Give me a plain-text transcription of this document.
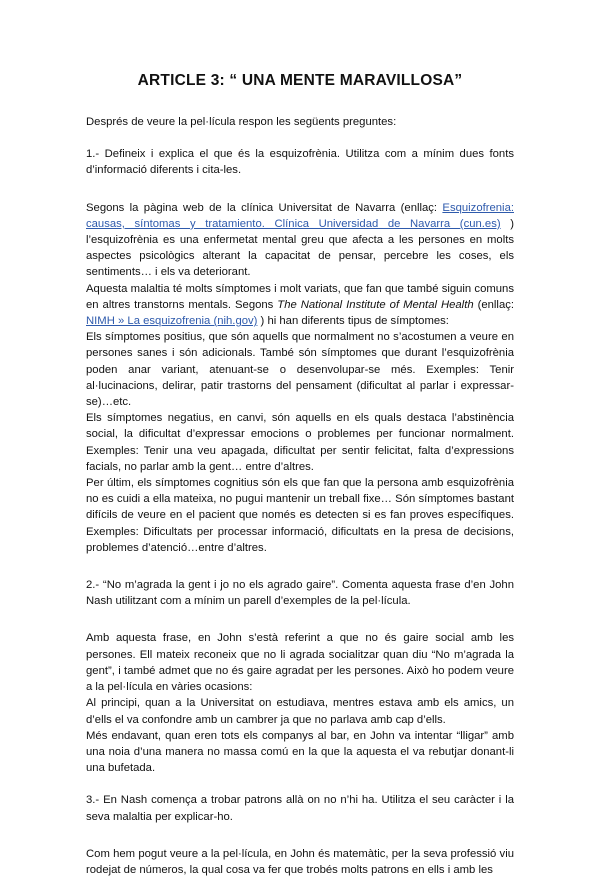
ARTICLE 3: “ UNA MENTE MARAVILLOSA”

Després de veure la pel·lícula respon les següents preguntes:

1.- Defineix i explica el que és la esquizofrènia. Utilitza com a mínim dues fonts d’informació diferents i cita-les.

Segons la pàgina web de la clínica Universitat de Navarra (enllaç: Esquizofrenia: causas, síntomas y tratamiento. Clínica Universidad de Navarra (cun.es) ) l’esquizofrènia es una enfermetat mental greu que afecta a les persones en molts aspectes psicològics alterant la capacitat de pensar, percebre les coses, els sentiments… i els va deteriorant.

Aquesta malaltia té molts símptomes i molt variats, que fan que també siguin comuns en altres transtorns mentals. Segons The National Institute of Mental Health (enllaç: NIMH » La esquizofrenia (nih.gov) ) hi han diferents tipus de símptomes:

Els símptomes positius, que són aquells que normalment no s’acostumen a veure en persones sanes i són adicionals. També són símptomes que durant l’esquizofrènia poden anar variant, atenuant-se o desenvolupar-se més. Exemples: Tenir al·lucinacions, delirar, patir trastorns del pensament (dificultat al parlar i expressar-se)…etc.

Els símptomes negatius, en canvi, són aquells en els quals destaca l’abstinència social, la dificultat d’expressar emocions o problemes per funcionar normalment. Exemples: Tenir una veu apagada, dificultat per sentir felicitat, falta d’expressions facials, no parlar amb la gent… entre d’altres.

Per últim, els símptomes cognitius són els que fan que la persona amb esquizofrènia no es cuidi a ella mateixa, no pugui mantenir un treball fixe… Són símptomes bastant difícils de veure en el pacient que només es detecten si es fan proves específiques. Exemples: Dificultats per processar informació, dificultats en la presa de decisions, problemes d’atenció…entre d’altres.

2.- “No m’agrada la gent i jo no els agrado gaire”. Comenta aquesta frase d’en John Nash utilitzant com a mínim un parell d’exemples de la pel·lícula.

Amb aquesta frase, en John s’està referint a que no és gaire social amb les persones. Ell mateix reconeix que no li agrada socialitzar quan diu “No m’agrada la gent”, i també admet que no és gaire agradat per les persones. Això ho podem veure a la pel·lícula en vàries ocasions:

Al principi, quan a la Universitat on estudiava, mentres estava amb els amics, un d’ells el va confondre amb un cambrer ja que no parlava amb cap d’ells.

Més endavant, quan eren tots els companys al bar, en John va intentar “lligar” amb una noia d’una manera no massa comú en la que la aquesta el va rebutjar donant-li una bufetada.

3.- En Nash comença a trobar patrons allà on no n’hi ha. Utilitza el seu caràcter i la seva malaltia per explicar-ho.

Com hem pogut veure a la pel·lícula, en John és matemàtic, per la seva professió viu rodejat de números, la qual cosa va fer que trobés molts patrons en ells i amb les
